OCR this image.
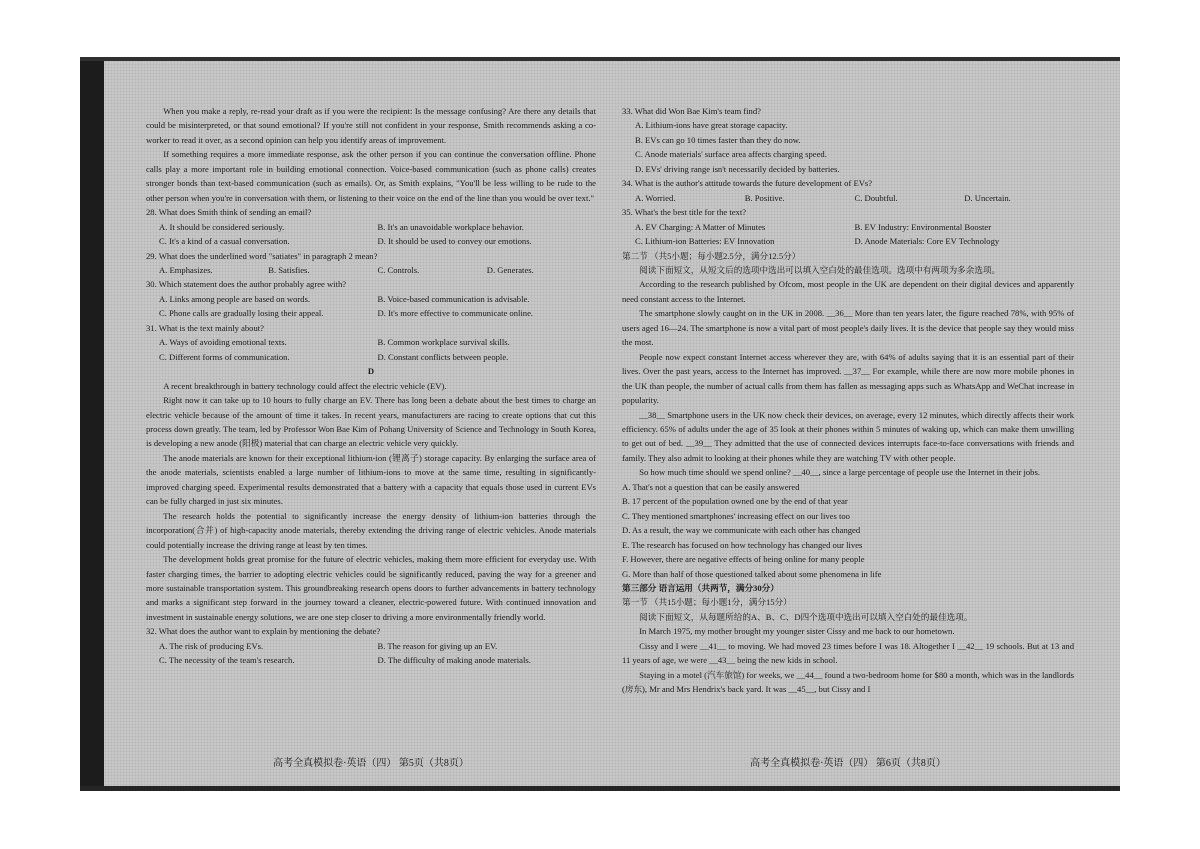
When you make a reply, re-read your draft as if you were the recipient: Is the message confusing? Are there any details that could be misinterpreted, or that sound emotional? If you're still not confident in your response, Smith recommends asking a co-worker to read it over, as a second opinion can help you identify areas of improvement.

If something requires a more immediate response, ask the other person if you can continue the conversation offline. Phone calls play a more important role in building emotional connection. Voice-based communication (such as phone calls) creates stronger bonds than text-based communication (such as emails). Or, as Smith explains, "You'll be less willing to be rude to the other person when you're in conversation with them, or listening to their voice on the end of the line than you would be over text."

28. What does Smith think of sending an email?

A. It should be considered seriously.	B. It's an unavoidable workplace behavior.
C. It's a kind of a casual conversation.	D. It should be used to convey our emotions.

29. What does the underlined word "satiates" in paragraph 2 mean?

A. Emphasizes.	B. Satisfies.	C. Controls.	D. Generates.

30. Which statement does the author probably agree with?

A. Links among people are based on words.	B. Voice-based communication is advisable.
C. Phone calls are gradually losing their appeal.	D. It's more effective to communicate online.

31. What is the text mainly about?

A. Ways of avoiding emotional texts.	B. Common workplace survival skills.
C. Different forms of communication.	D. Constant conflicts between people.

D

A recent breakthrough in battery technology could affect the electric vehicle (EV).

Right now it can take up to 10 hours to fully charge an EV. There has long been a debate about the best times to charge an electric vehicle because of the amount of time it takes. In recent years, manufacturers are racing to create options that cut this process down greatly. The team, led by Professor Won Bae Kim of Pohang University of Science and Technology in South Korea, is developing a new anode (阳极) material that can charge an electric vehicle very quickly.

The anode materials are known for their exceptional lithium-ion (锂离子) storage capacity. By enlarging the surface area of the anode materials, scientists enabled a large number of lithium-ions to move at the same time, resulting in significantly-improved charging speed. Experimental results demonstrated that a battery with a capacity that equals those used in current EVs can be fully charged in just six minutes.

The research holds the potential to significantly increase the energy density of lithium-ion batteries through the incorporation(合并) of high-capacity anode materials, thereby extending the driving range of electric vehicles. Anode materials could potentially increase the driving range at least by ten times.

The development holds great promise for the future of electric vehicles, making them more efficient for everyday use. With faster charging times, the barrier to adopting electric vehicles could be significantly reduced, paving the way for a greener and more sustainable transportation system. This groundbreaking research opens doors to further advancements in battery technology and marks a significant step forward in the journey toward a cleaner, electric-powered future. With continued innovation and investment in sustainable energy solutions, we are one step closer to driving a more environmentally friendly world.

32. What does the author want to explain by mentioning the debate?

A. The risk of producing EVs.	B. The reason for giving up an EV.
C. The necessity of the team's research.	D. The difficulty of making anode materials.

33. What did Won Bae Kim's team find?

A. Lithium-ions have great storage capacity.
B. EVs can go 10 times faster than they do now.
C. Anode materials' surface area affects charging speed.
D. EVs' driving range isn't necessarily decided by batteries.

34. What is the author's attitude towards the future development of EVs?

A. Worried.	B. Positive.	C. Doubtful.	D. Uncertain.

35. What's the best title for the text?

A. EV Charging: A Matter of Minutes	B. EV Industry: Environmental Booster
C. Lithium-ion Batteries: EV Innovation	D. Anode Materials: Core EV Technology

第二节 （共5小题；每小题2.5分，满分12.5分）

阅读下面短文，从短文后的选项中选出可以填入空白处的最佳选项。选项中有两项为多余选项。

According to the research published by Ofcom, most people in the UK are dependent on their digital devices and apparently need constant access to the Internet.

The smartphone slowly caught on in the UK in 2008. __36__ More than ten years later, the figure reached 78%, with 95% of users aged 16—24. The smartphone is now a vital part of most people's daily lives. It is the device that people say they would miss the most.

People now expect constant Internet access wherever they are, with 64% of adults saying that it is an essential part of their lives. Over the past years, access to the Internet has improved. __37__ For example, while there are now more mobile phones in the UK than people, the number of actual calls from them has fallen as messaging apps such as WhatsApp and WeChat increase in popularity.

__38__ Smartphone users in the UK now check their devices, on average, every 12 minutes, which directly affects their work efficiency. 65% of adults under the age of 35 look at their phones within 5 minutes of waking up, which can make them unwilling to get out of bed. __39__ They admitted that the use of connected devices interrupts face-to-face conversations with friends and family. They also admit to looking at their phones while they are watching TV with other people.

So how much time should we spend online? __40__, since a large percentage of people use the Internet in their jobs.

A. That's not a question that can be easily answered

B. 17 percent of the population owned one by the end of that year

C. They mentioned smartphones' increasing effect on our lives too

D. As a result, the way we communicate with each other has changed

E. The research has focused on how technology has changed our lives

F. However, there are negative effects of being online for many people

G. More than half of those questioned talked about some phenomena in life

第三部分 语言运用（共两节，满分30分）

第一节 （共15小题；每小题1分，满分15分）

阅读下面短文，从每题所给的A、B、C、D四个选项中选出可以填入空白处的最佳选项。

In March 1975, my mother brought my younger sister Cissy and me back to our hometown.

Cissy and I were __41__ to moving. We had moved 23 times before I was 18. Altogether I __42__ 19 schools. But at 13 and 11 years of age, we were __43__ being the new kids in school.

Staying in a motel (汽车旅馆) for weeks, we __44__ found a two-bedroom home for $80 a month, which was in the landlords (房东), Mr and Mrs Hendrix's back yard. It was __45__, but Cissy and I

高考全真模拟卷·英语（四） 第5页（共8页）	高考全真模拟卷·英语（四） 第6页（共8页）
